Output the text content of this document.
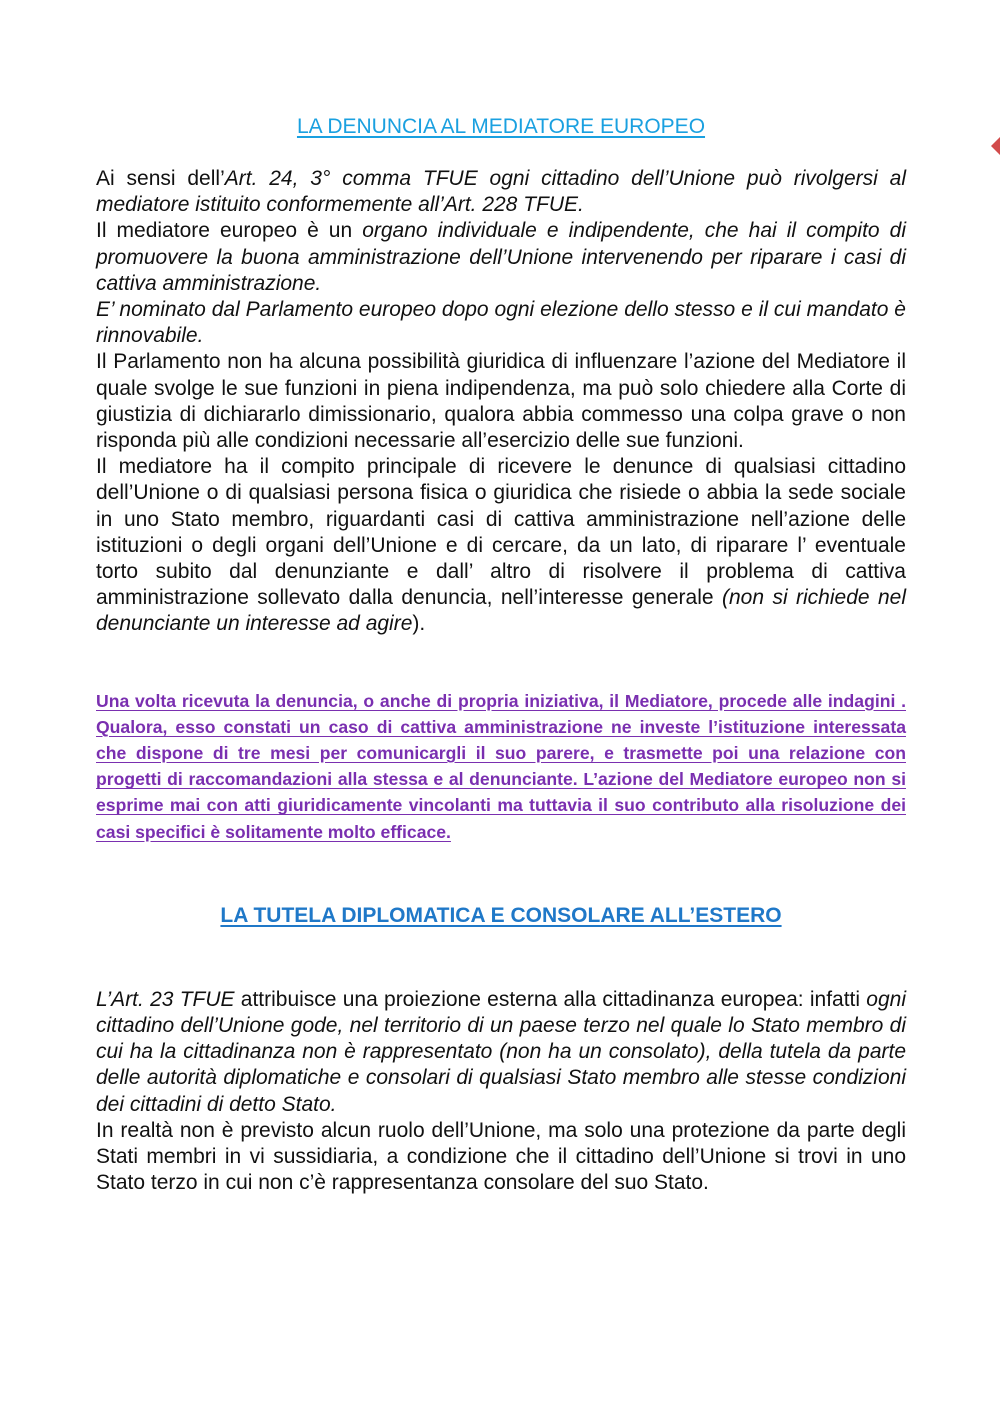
LA DENUNCIA AL MEDIATORE EUROPEO

Ai sensi dell’Art. 24, 3° comma TFUE ogni cittadino dell’Unione può rivolgersi al mediatore istituito conformemente all’Art. 228 TFUE.

Il mediatore europeo è un organo individuale e indipendente, che hai il compito di promuovere la buona amministrazione dell’Unione intervenendo per riparare i casi di cattiva amministrazione.

E’ nominato dal Parlamento europeo dopo ogni elezione dello stesso e il cui mandato è rinnovabile.

Il Parlamento non ha alcuna possibilità giuridica di influenzare l’azione del Mediatore il quale svolge le sue funzioni in piena indipendenza, ma può solo chiedere alla Corte di giustizia di dichiararlo dimissionario, qualora abbia commesso una colpa grave o non risponda più alle condizioni necessarie all’esercizio delle sue funzioni.

Il mediatore ha il compito principale di ricevere le denunce di qualsiasi cittadino dell’Unione o di qualsiasi persona fisica o giuridica che risiede o abbia la sede sociale in uno Stato membro, riguardanti casi di cattiva amministrazione nell’azione delle istituzioni o degli organi dell’Unione e di cercare, da un lato, di riparare l’ eventuale torto subito dal denunziante e dall’ altro di risolvere il problema di cattiva amministrazione sollevato dalla denuncia, nell’interesse generale (non si richiede nel denunciante un interesse ad agire).

Una volta ricevuta la denuncia, o anche di propria iniziativa, il Mediatore, procede alle indagini . Qualora, esso constati un caso di cattiva amministrazione ne investe l’istituzione interessata che dispone di tre mesi per comunicargli il suo parere, e trasmette poi una relazione con progetti di raccomandazioni alla stessa e al denunciante. L’azione del Mediatore europeo non si esprime mai con atti giuridicamente vincolanti ma tuttavia il suo contributo alla risoluzione dei casi specifici è solitamente molto efficace.

LA TUTELA DIPLOMATICA E CONSOLARE ALL’ESTERO

L’Art. 23 TFUE attribuisce una proiezione esterna alla cittadinanza europea: infatti ogni cittadino dell’Unione gode, nel territorio di un paese terzo nel quale lo Stato membro di cui ha la cittadinanza non è rappresentato (non ha un consolato), della tutela da parte delle autorità diplomatiche e consolari di qualsiasi Stato membro alle stesse condizioni dei cittadini di detto Stato.

In realtà non è previsto alcun ruolo dell’Unione, ma solo una protezione da parte degli Stati membri in vi sussidiaria, a condizione che il cittadino dell’Unione si trovi in uno Stato terzo in cui non c’è rappresentanza consolare del suo Stato.
